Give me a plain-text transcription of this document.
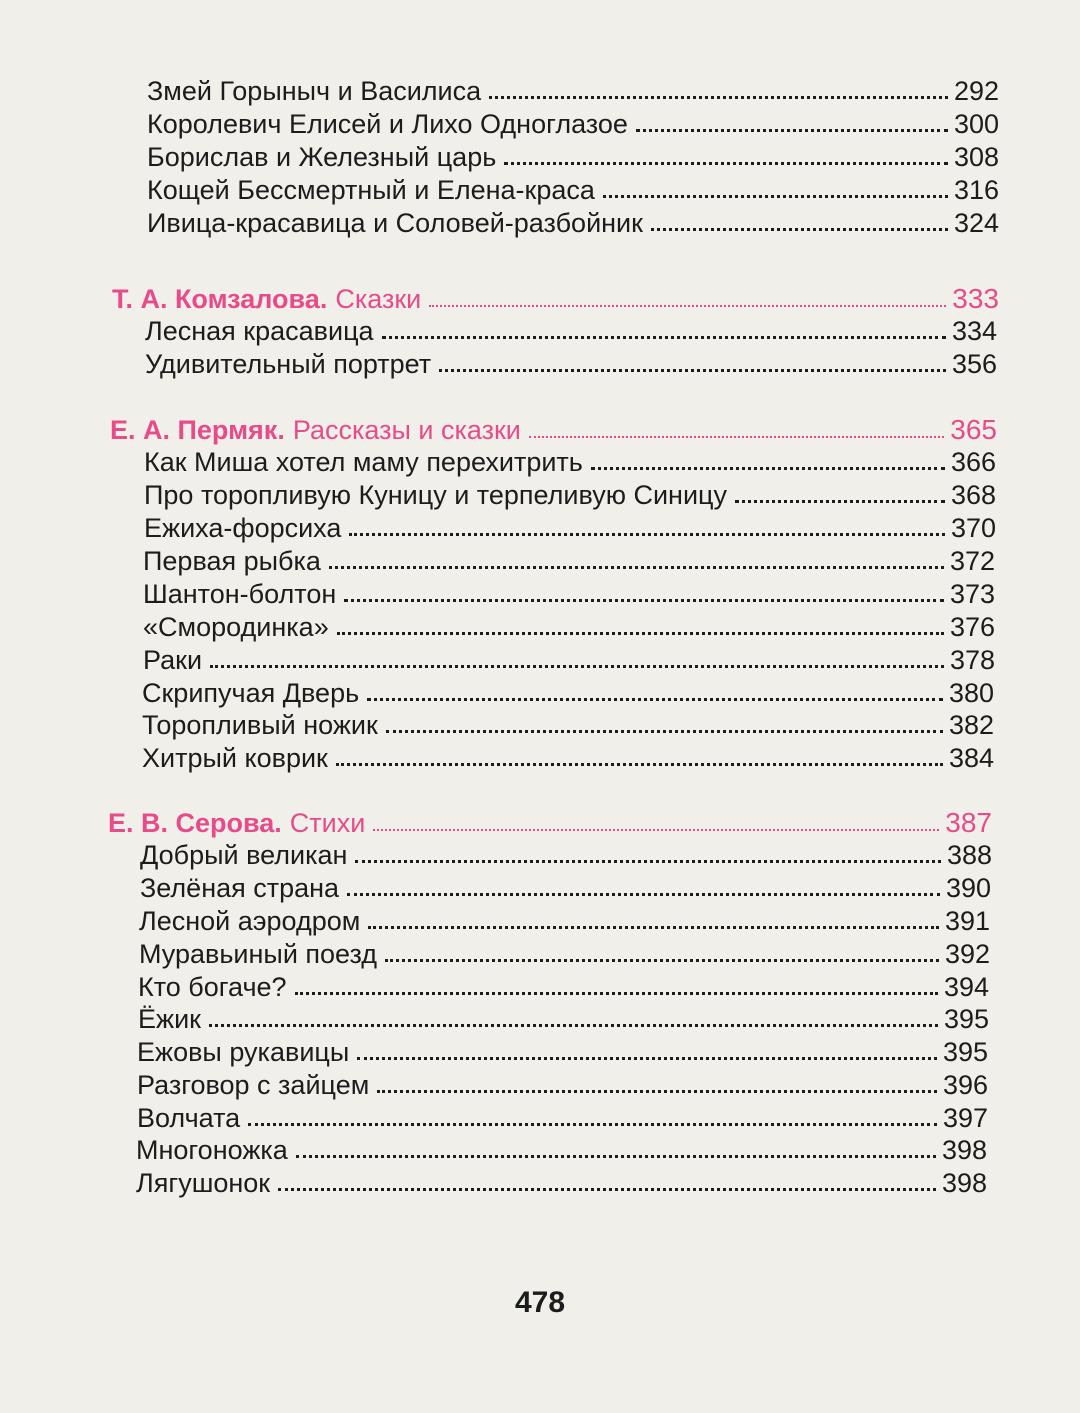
Змей Горыныч и Василиса	292
Королевич Елисей и Лихо Одноглазое	300
Борислав и Железный царь	308
Кощей Бессмертный и Елена-краса	316
Ивица-красавица и Соловей-разбойник	324
Т. А. Комзалова. Сказки	333
Лесная красавица	334
Удивительный портрет	356
Е. А. Пермяк. Рассказы и сказки	365
Как Миша хотел маму перехитрить	366
Про торопливую Куницу и терпеливую Синицу	368
Ежиха-форсиха	370
Первая рыбка	372
Шантон-болтон	373
«Смородинка»	376
Раки	378
Скрипучая Дверь	380
Торопливый ножик	382
Хитрый коврик	384
Е. В. Серова. Стихи	387
Добрый великан	388
Зелёная страна	390
Лесной аэродром	391
Муравьиный поезд	392
Кто богаче?	394
Ёжик	395
Ежовы рукавицы	395
Разговор с зайцем	396
Волчата	397
Многоножка	398
Лягушонок	398
478
